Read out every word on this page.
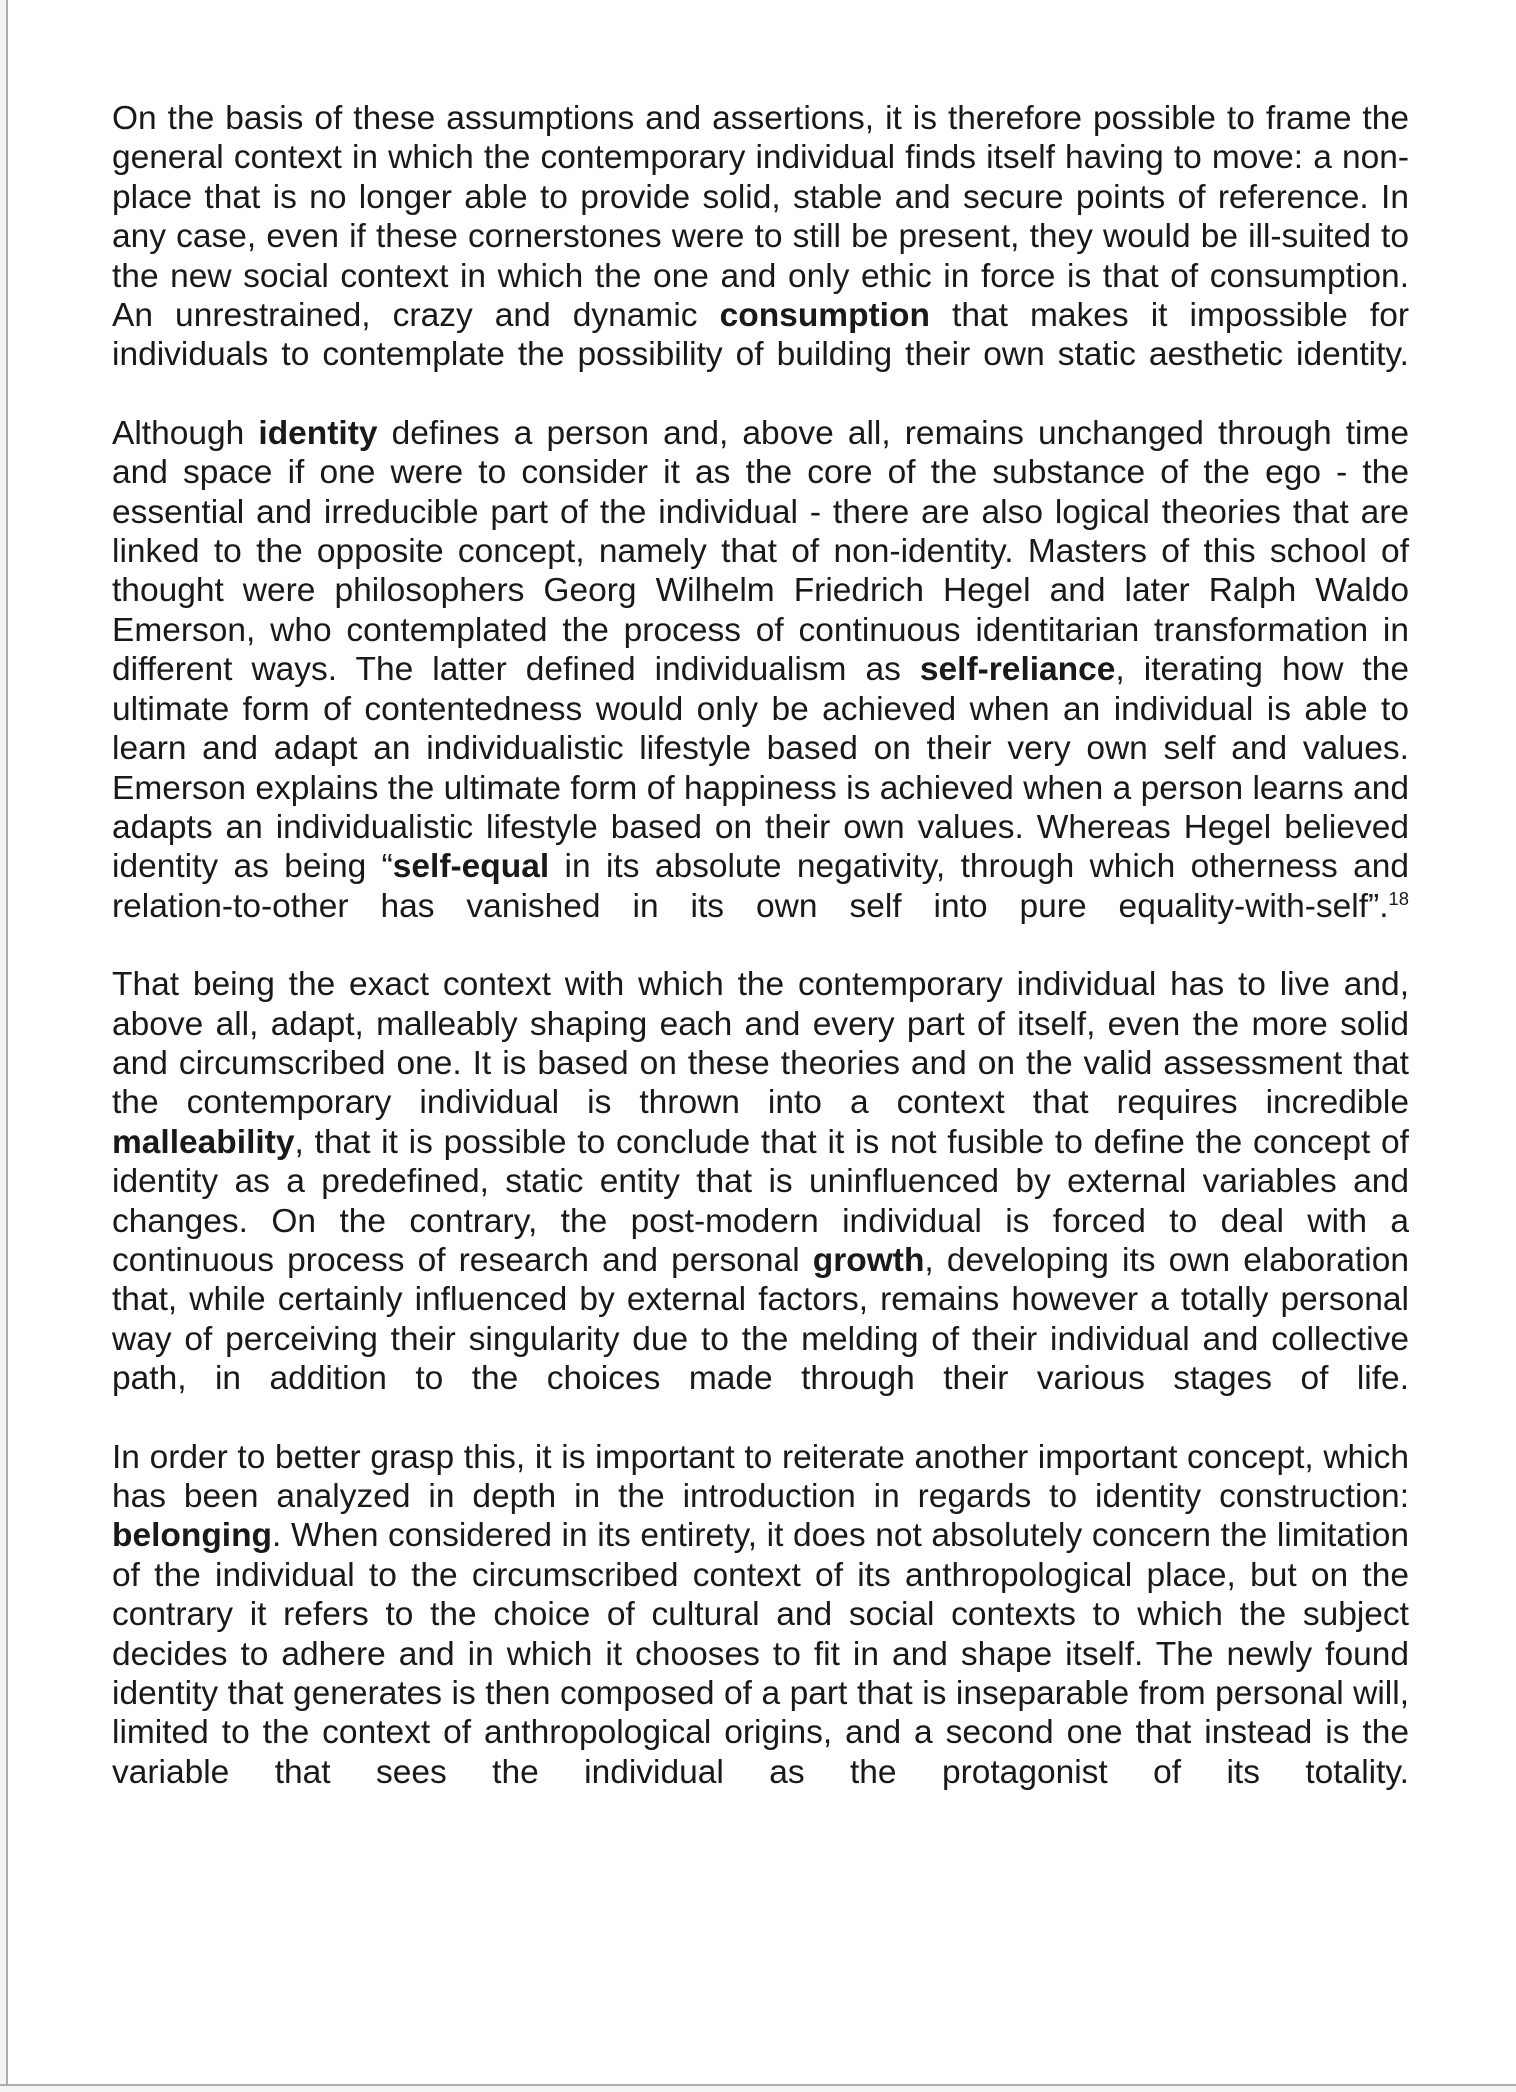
On the basis of these assumptions and assertions, it is therefore possible to frame the general context in which the contemporary individual finds itself having to move: a non-place that is no longer able to provide solid, stable and secure points of reference. In any case, even if these cornerstones were to still be present, they would be ill-suited to the new social context in which the one and only ethic in force is that of consumption. An unrestrained, crazy and dynamic consumption that makes it impossible for individuals to contemplate the possibility of building their own static aesthetic identity.

Although identity defines a person and, above all, remains unchanged through time and space if one were to consider it as the core of the substance of the ego - the essential and irreducible part of the individual - there are also logical theories that are linked to the opposite concept, namely that of non-identity. Masters of this school of thought were philosophers Georg Wilhelm Friedrich Hegel and later Ralph Waldo Emerson, who contemplated the process of continuous identitarian transformation in different ways. The latter defined individualism as self-reliance, iterating how the ultimate form of contentedness would only be achieved when an individual is able to learn and adapt an individualistic lifestyle based on their very own self and values. Emerson explains the ultimate form of happiness is achieved when a person learns and adapts an individualistic lifestyle based on their own values. Whereas Hegel believed identity as being “self-equal in its absolute negativity, through which otherness and relation-to-other has vanished in its own self into pure equality-with-self”.$^{18}$

That being the exact context with which the contemporary individual has to live and, above all, adapt, malleably shaping each and every part of itself, even the more solid and circumscribed one. It is based on these theories and on the valid assessment that the contemporary individual is thrown into a context that requires incredible malleability, that it is possible to conclude that it is not fusible to define the concept of identity as a predefined, static entity that is uninfluenced by external variables and changes. On the contrary, the post-modern individual is forced to deal with a continuous process of research and personal growth, developing its own elaboration that, while certainly influenced by external factors, remains however a totally personal way of perceiving their singularity due to the melding of their individual and collective path, in addition to the choices made through their various stages of life.

In order to better grasp this, it is important to reiterate another important concept, which has been analyzed in depth in the introduction in regards to identity construction: belonging. When considered in its entirety, it does not absolutely concern the limitation of the individual to the circumscribed context of its anthropological place, but on the contrary it refers to the choice of cultural and social contexts to which the subject decides to adhere and in which it chooses to fit in and shape itself. The newly found identity that generates is then composed of a part that is inseparable from personal will, limited to the context of anthropological origins, and a second one that instead is the variable that sees the individual as the protagonist of its totality.
